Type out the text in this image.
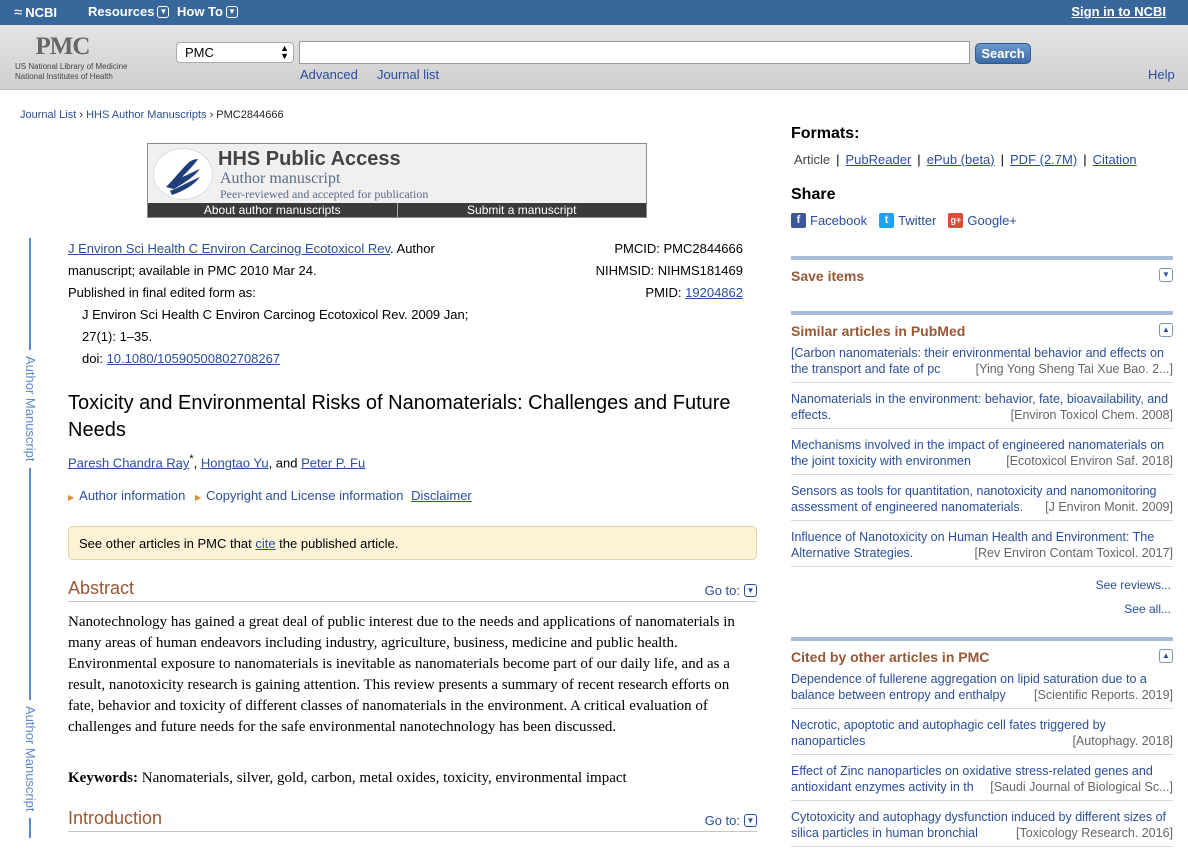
≈ NCBI Resources ▼ How To ▼	Sign in to NCBI
PMC
US National Library of Medicine
National Institutes of Health
PMC	▲
▼	Search
Advanced Journal list	Help
Journal List › HHS Author Manuscripts › PMC2844666
HHS Public Access
Author manuscript
Peer-reviewed and accepted for publication
About author manuscripts	Submit a manuscript
Author Manuscript
Author Manuscript
J Environ Sci Health C Environ Carcinog Ecotoxicol Rev. Author
manuscript; available in PMC 2010 Mar 24.
Published in final edited form as:
J Environ Sci Health C Environ Carcinog Ecotoxicol Rev. 2009 Jan;
27(1): 1–35.
doi: 10.1080/10590500802708267
PMCID: PMC2844666
NIHMSID: NIHMS181469
PMID: 19204862
Toxicity and Environmental Risks of Nanomaterials: Challenges and Future Needs
Paresh Chandra Ray*, Hongtao Yu, and Peter P. Fu
▶ Author information ▶ Copyright and License information Disclaimer
See other articles in PMC that cite the published article.
Abstract	Go to: ▼
Nanotechnology has gained a great deal of public interest due to the needs and applications of nanomaterials in many areas of human endeavors including industry, agriculture, business, medicine and public health. Environmental exposure to nanomaterials is inevitable as nanomaterials become part of our daily life, and as a result, nanotoxicity research is gaining attention. This review presents a summary of recent research efforts on fate, behavior and toxicity of different classes of nanomaterials in the environment. A critical evaluation of challenges and future needs for the safe environmental nanotechnology has been discussed.
Keywords: Nanomaterials, silver, gold, carbon, metal oxides, toxicity, environmental impact
Introduction	Go to: ▼
Formats:
Article | PubReader | ePub (beta) | PDF (2.7M) | Citation
Share
f Facebook	t Twitter g+ Google+
Save items	▼
Similar articles in PubMed	▲
[Carbon nanomaterials: their environmental behavior and effects on the transport and fate of pc	[Ying Yong Sheng Tai Xue Bao. 2...]
Nanomaterials in the environment: behavior, fate, bioavailability, and effects.	[Environ Toxicol Chem. 2008]
Mechanisms involved in the impact of engineered nanomaterials on the joint toxicity with environmen	[Ecotoxicol Environ Saf. 2018]
Sensors as tools for quantitation, nanotoxicity and nanomonitoring assessment of engineered nanomaterials. [J Environ Monit. 2009]
Influence of Nanotoxicity on Human Health and Environment: The Alternative Strategies.	[Rev Environ Contam Toxicol. 2017]
See reviews...
See all...
Cited by other articles in PMC	▲
Dependence of fullerene aggregation on lipid saturation due to a balance between entropy and enthalpy [Scientific Reports. 2019]
Necrotic, apoptotic and autophagic cell fates triggered by nanoparticles	[Autophagy. 2018]
Effect of Zinc nanoparticles on oxidative stress-related genes and antioxidant enzymes activity in th [Saudi Journal of Biological Sc...]
Cytotoxicity and autophagy dysfunction induced by different sizes of silica particles in human bronchial	[Toxicology Research. 2016]
